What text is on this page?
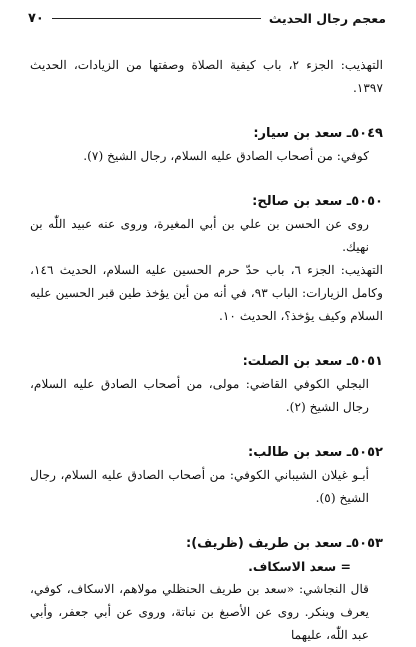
معجم رجال الحديث
٧٠

التهذيب: الجزء ٢، باب كيفية الصلاة وصفتها من الزيادات، الحديث ١٣٩٧.

٥٠٤٩ـ سعد بن سيار:

كوفي: من أصحاب الصادق عليه السلام، رجال الشيخ (٧).

٥٠٥٠ـ سعد بن صالح:

روى عن الحسن بن علي بن أبي المغيرة، وروى عنه عبيد اللّٰه بن نهيك.

التهذيب: الجزء ٦، باب حدّ حرم الحسين عليه السلام، الحديث ١٤٦، وكامل الزيارات: الباب ٩٣، في أنه من أين يؤخذ طين قبر الحسين عليه السلام وكيف يؤخذ؟، الحديث ١٠.

٥٠٥١ـ سعد بن الصلت:

البجلي الكوفي القاضي: مولى، من أصحاب الصادق عليه السلام، رجال الشيخ (٢).

٥٠٥٢ـ سعد بن طالب:

أبـو غيلان الشيباني الكوفي: من أصحاب الصادق عليه السلام، رجال الشيخ (٥).

٥٠٥٣ـ سعد بن طريف (ظريف):

= سعد الاسكاف.

قال النجاشي: «سعد بن طريف الحنظلي مولاهم، الاسكاف، كوفي، يعرف وينكر. روى عن الأصبغ بن نباتة، وروى عن أبي جعفر، وأبي عبد اللّٰه، عليهما
